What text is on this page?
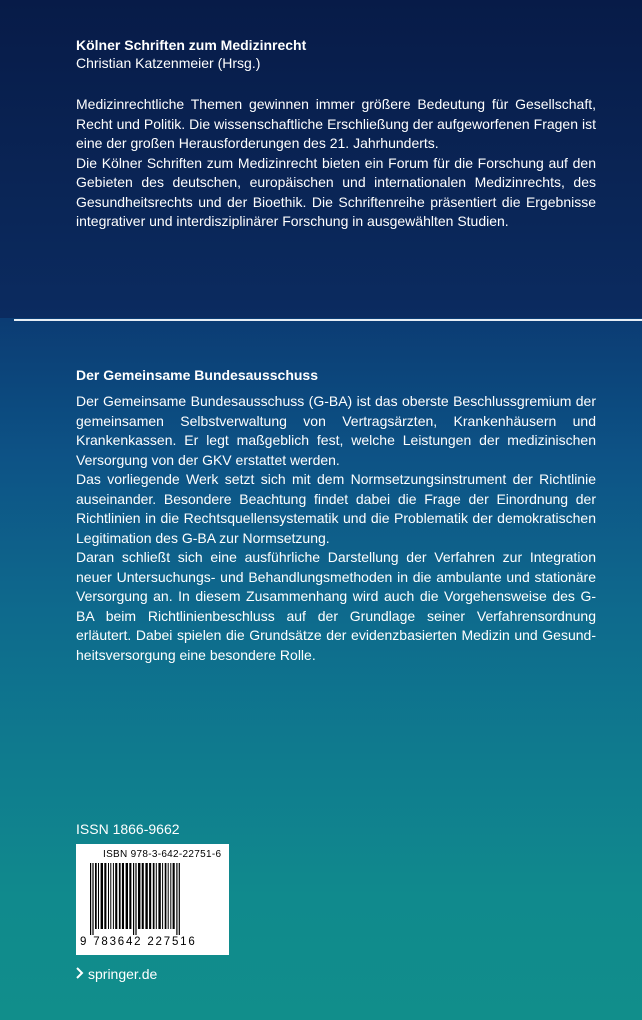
Kölner Schriften zum Medizinrecht
Christian Katzenmeier (Hrsg.)

Medizinrechtliche Themen gewinnen immer größere Bedeutung für Gesellschaft, Recht und Politik. Die wissenschaftliche Erschließung der aufgeworfenen Fragen ist eine der großen Herausforderungen des 21. Jahrhunderts.

Die Kölner Schriften zum Medizinrecht bieten ein Forum für die Forschung auf den Gebieten des deutschen, europäischen und internationalen Medizinrechts, des Gesundheitsrechts und der Bioethik. Die Schriftenreihe präsentiert die Ergebnisse integrativer und interdisziplinärer Forschung in ausgewählten Studien.

Der Gemeinsame Bundesausschuss

Der Gemeinsame Bundesausschuss (G-BA) ist das oberste Beschlussgremium der gemeinsamen Selbstverwaltung von Vertragsärzten, Krankenhäusern und Krankenkassen. Er legt maßgeblich fest, welche Leistungen der medizinischen Versorgung von der GKV erstattet werden.

Das vorliegende Werk setzt sich mit dem Normsetzungsinstrument der Richtlinie auseinander. Besondere Beachtung findet dabei die Frage der Einordnung der Richtlinien in die Rechtsquellensystematik und die Problematik der demokratischen Legitimation des G-BA zur Normsetzung.

Daran schließt sich eine ausführliche Darstellung der Verfahren zur Integration neuer Untersuchungs- und Behandlungsmethoden in die ambulante und stationäre Versorgung an. In diesem Zusammenhang wird auch die Vorgehensweise des G-BA beim Richtlinienbeschluss auf der Grundlage seiner Verfahrensordnung erläutert. Dabei spielen die Grundsätze der evidenzbasierten Medizin und Gesundheitsversorgung eine besondere Rolle.

ISSN 1866-9662
ISBN 978-3-642-22751-6
9 783642 227516
springer.de
